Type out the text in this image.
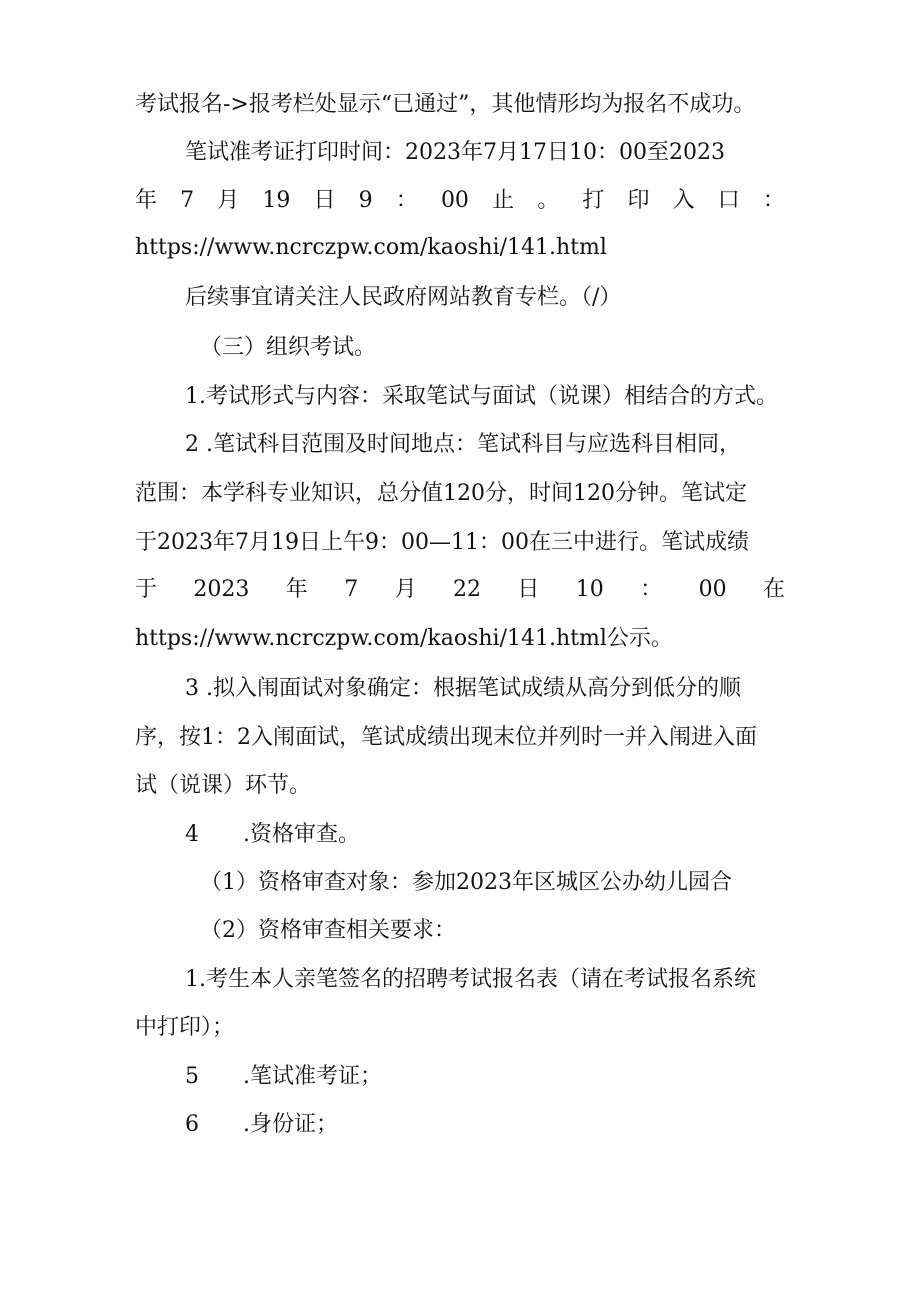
考试报名->报考栏处显示“已通过”，其他情形均为报名不成功。
笔试准考证打印时间：2023年7月17日10：00至2023
年 7 月 19 日 9 ： 00 止 。 打 印 入 口 ：
https://www.ncrczpw.com/kaoshi/141.html
后续事宜请关注人民政府网站教育专栏。（/）
（三）组织考试。
1.考试形式与内容：采取笔试与面试（说课）相结合的方式。
2 .笔试科目范围及时间地点：笔试科目与应选科目相同，
范围：本学科专业知识，总分值120分，时间120分钟。笔试定
于2023年7月19日上午9：00—11：00在三中进行。笔试成绩
于 2023 年 7 月 22 日 10 ： 00 在
https://www.ncrczpw.com/kaoshi/141.html公示。
3 .拟入闱面试对象确定：根据笔试成绩从高分到低分的顺
序，按1：2入闱面试，笔试成绩出现末位并列时一并入闱进入面
试（说课）环节。
4　　.资格审查。
（1）资格审查对象：参加2023年区城区公办幼儿园合
（2）资格审查相关要求：
1.考生本人亲笔签名的招聘考试报名表（请在考试报名系统
中打印）；
5　　.笔试准考证；
6　　.身份证；
